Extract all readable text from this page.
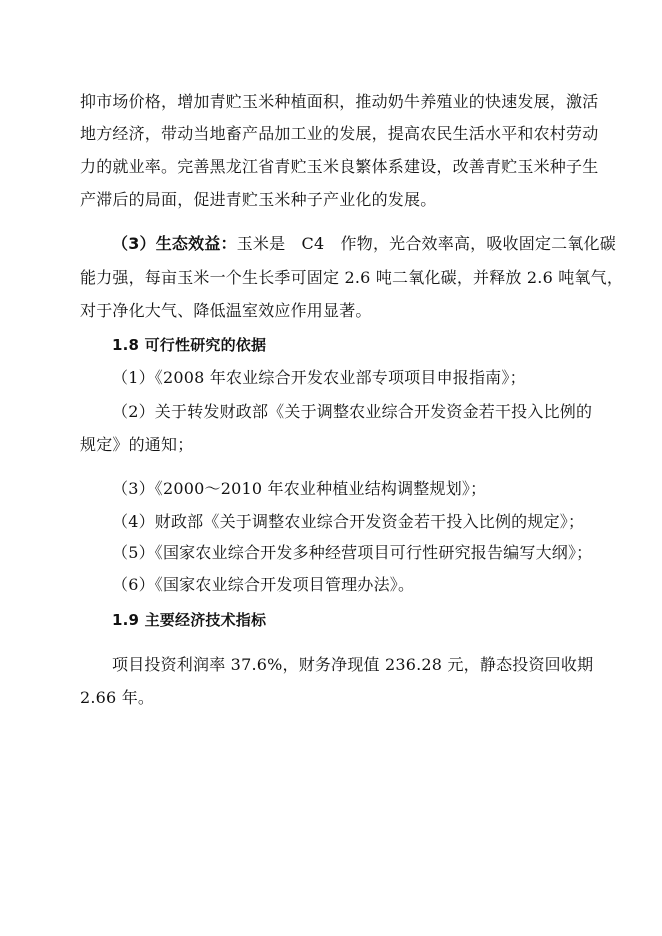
抑市场价格，增加青贮玉米种植面积，推动奶牛养殖业的快速发展，激活
地方经济，带动当地畜产品加工业的发展，提高农民生活水平和农村劳动
力的就业率。完善黑龙江省青贮玉米良繁体系建设，改善青贮玉米种子生
产滞后的局面，促进青贮玉米种子产业化的发展。
（3）生态效益：玉米是　C4　作物，光合效率高，吸收固定二氧化碳
能力强，每亩玉米一个生长季可固定 2.6 吨二氧化碳，并释放 2.6 吨氧气，
对于净化大气、降低温室效应作用显著。
1.8 可行性研究的依据
（1）《2008 年农业综合开发农业部专项项目申报指南》；
（2）关于转发财政部《关于调整农业综合开发资金若干投入比例的
规定》的通知；
（3）《2000～2010 年农业种植业结构调整规划》；
（4）财政部《关于调整农业综合开发资金若干投入比例的规定》；
（5）《国家农业综合开发多种经营项目可行性研究报告编写大纲》；
（6）《国家农业综合开发项目管理办法》。
1.9 主要经济技术指标
项目投资利润率 37.6%，财务净现值 236.28 元，静态投资回收期
2.66 年。
